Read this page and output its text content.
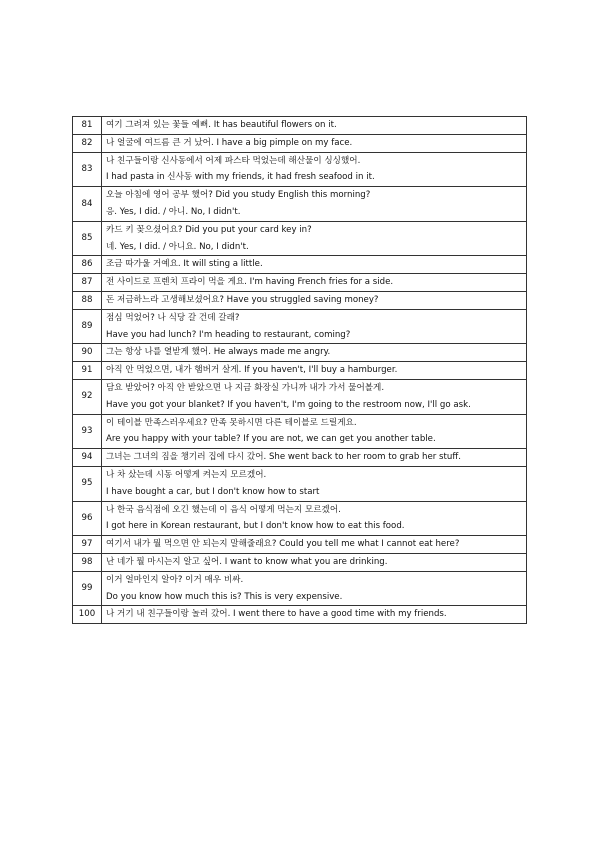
81	여기 그려져 있는 꽃들 예뻐. It has beautiful flowers on it.

82	나 얼굴에 여드름 큰 거 났어. I have a big pimple on my face.

83	나 친구들이랑 신사동에서 어제 파스타 먹었는데 해산물이 싱싱했어.
I had pasta in 신사동 with my friends, it had fresh seafood in it.

84	오늘 아침에 영어 공부 했어? Did you study English this morning?
응. Yes, I did. / 아니. No, I didn't.

85	카드 키 꽂으셨어요? Did you put your card key in?
네. Yes, I did. / 아니요. No, I didn't.

86	조금 따가울 거예요. It will sting a little.

87	전 사이드로 프렌치 프라이 먹을 게요. I'm having French fries for a side.

88	돈 저금하느라 고생해보셨어요? Have you struggled saving money?

89	점심 먹었어? 나 식당 갈 건데 갈래?
Have you had lunch? I'm heading to restaurant, coming?

90	그는 항상 나를 열받게 했어. He always made me angry.

91	아직 안 먹었으면, 내가 햄버거 살게. If you haven't, I'll buy a hamburger.

92	담요 받았어? 아직 안 받았으면 나 지금 화장실 가니까 내가 가서 물어볼게.
Have you got your blanket? If you haven't, I'm going to the restroom now, I'll go ask.

93	이 테이블 만족스러우세요? 만족 못하시면 다른 테이블로 드릴게요.
Are you happy with your table? If you are not, we can get you another table.

94	그녀는 그녀의 짐을 챙기러 집에 다시 갔어. She went back to her room to grab her stuff.

95	나 차 샀는데 시동 어떻게 켜는지 모르겠어.
I have bought a car, but I don't know how to start

96	나 한국 음식점에 오긴 했는데 이 음식 어떻게 먹는지 모르겠어.
I got here in Korean restaurant, but I don't know how to eat this food.

97	여기서 내가 뭘 먹으면 안 되는지 말해줄래요? Could you tell me what I cannot eat here?

98	난 네가 뭘 마시는지 알고 싶어. I want to know what you are drinking.

99	이거 얼마인지 알아? 이거 매우 비싸.
Do you know how much this is? This is very expensive.

100	나 거기 내 친구들이랑 놀러 갔어. I went there to have a good time with my friends.
